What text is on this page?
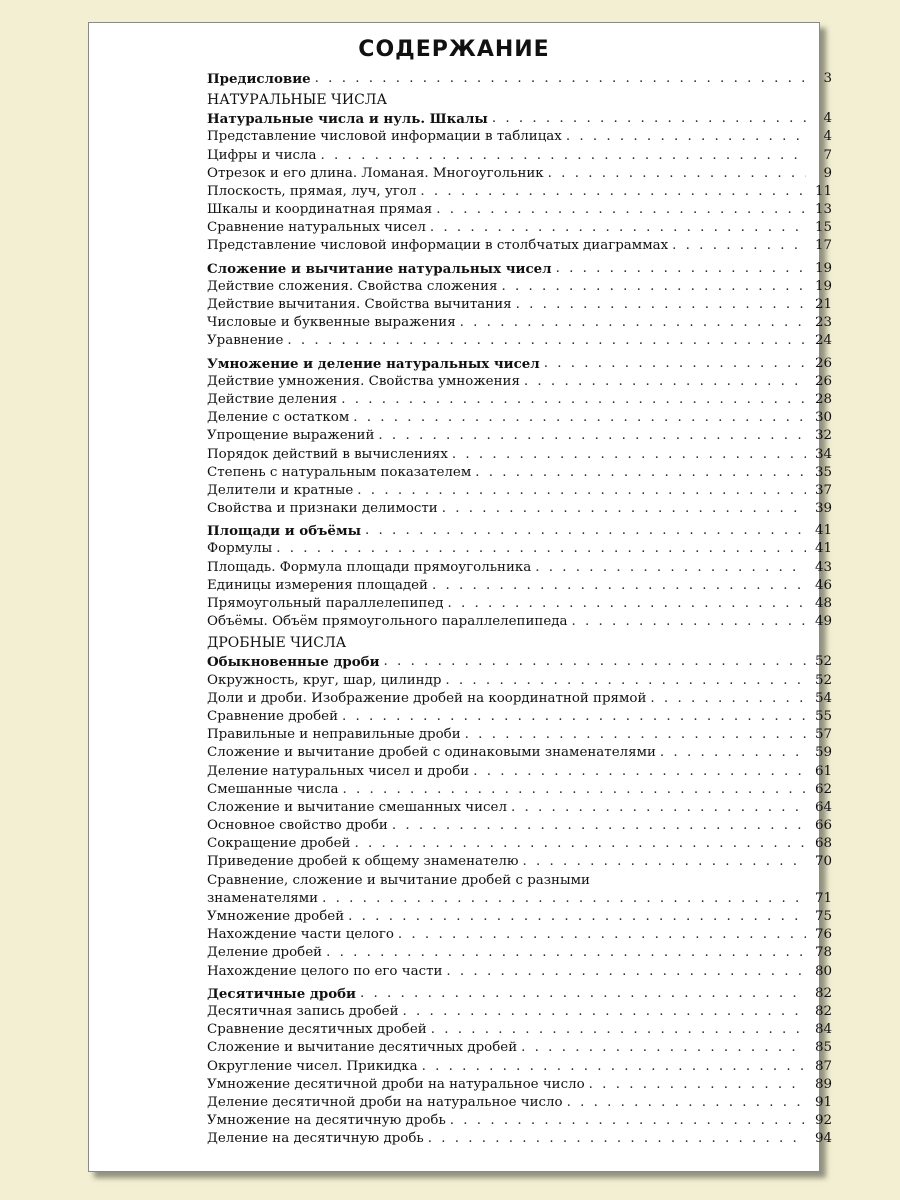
СОДЕРЖАНИЕ
Предисловие . . .	3
НАТУРАЛЬНЫЕ ЧИСЛА
Натуральные числа и нуль. Шкалы . . .	4
Представление числовой информации в таблицах . . .	4
Цифры и числа . . .	7
Отрезок и его длина. Ломаная. Многоугольник . . .	9
Плоскость, прямая, луч, угол . . .	11
Шкалы и координатная прямая . . .	13
Сравнение натуральных чисел . . .	15
Представление числовой информации в столбчатых диаграммах . . .	17
Сложение и вычитание натуральных чисел . . .	19
Действие сложения. Свойства сложения . . .	19
Действие вычитания. Свойства вычитания . . .	21
Числовые и буквенные выражения . . .	23
Уравнение . . .	24
Умножение и деление натуральных чисел . . .	26
Действие умножения. Свойства умножения . . .	26
Действие деления . . .	28
Деление с остатком . . .	30
Упрощение выражений . . .	32
Порядок действий в вычислениях . . .	34
Степень с натуральным показателем . . .	35
Делители и кратные . . .	37
Свойства и признаки делимости . . .	39
Площади и объёмы . . .	41
Формулы . . .	41
Площадь. Формула площади прямоугольника . . .	43
Единицы измерения площадей . . .	46
Прямоугольный параллелепипед . . .	48
Объёмы. Объём прямоугольного параллелепипеда . . .	49
ДРОБНЫЕ ЧИСЛА
Обыкновенные дроби . . .	52
Окружность, круг, шар, цилиндр . . .	52
Доли и дроби. Изображение дробей на координатной прямой . . .	54
Сравнение дробей . . .	55
Правильные и неправильные дроби . . .	57
Сложение и вычитание дробей с одинаковыми знаменателями . . .	59
Деление натуральных чисел и дроби . . .	61
Смешанные числа . . .	62
Сложение и вычитание смешанных чисел . . .	64
Основное свойство дроби . . .	66
Сокращение дробей . . .	68
Приведение дробей к общему знаменателю . . .	70
Сравнение, сложение и вычитание дробей с разными
знаменателями . . .	71
Умножение дробей . . .	75
Нахождение части целого . . .	76
Деление дробей . . .	78
Нахождение целого по его части . . .	80
Десятичные дроби . . .	82
Десятичная запись дробей . . .	82
Сравнение десятичных дробей . . .	84
Сложение и вычитание десятичных дробей . . .	85
Округление чисел. Прикидка . . .	87
Умножение десятичной дроби на натуральное число . . .	89
Деление десятичной дроби на натуральное число . . .	91
Умножение на десятичную дробь . . .	92
Деление на десятичную дробь . . .	94
